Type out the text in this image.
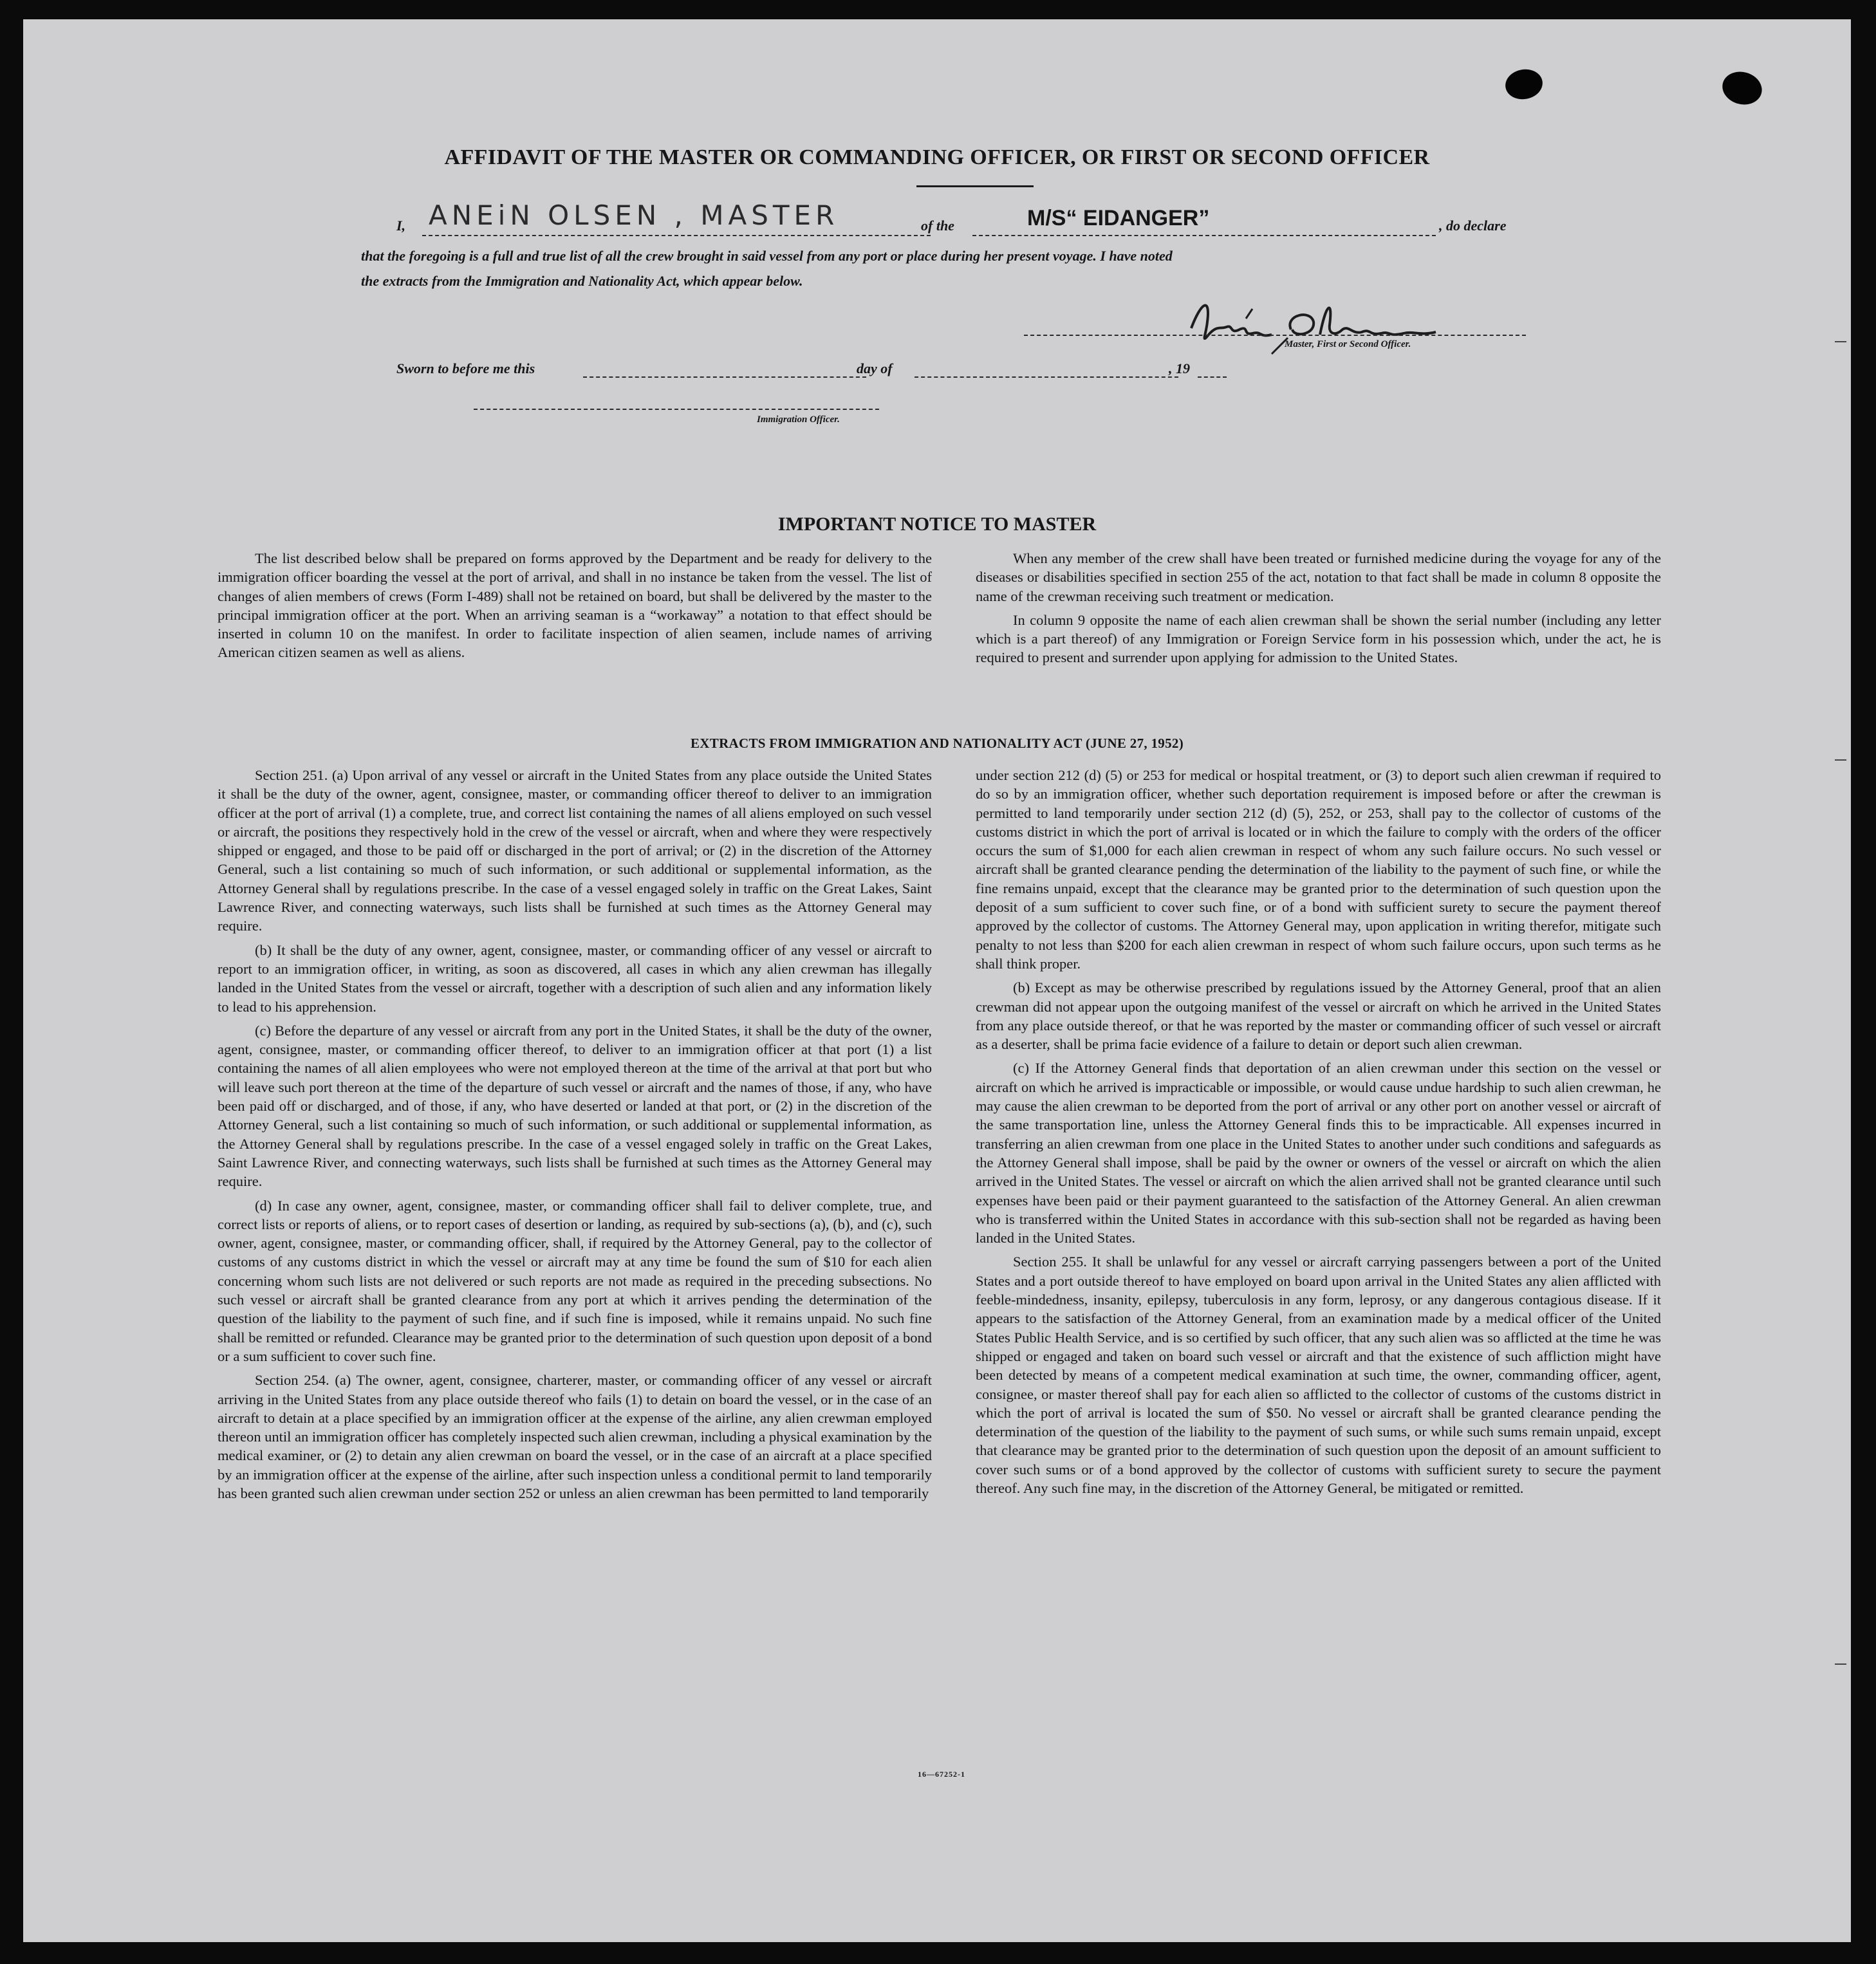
AFFIDAVIT OF THE MASTER OR COMMANDING OFFICER, OR FIRST OR SECOND OFFICER
I, ANEiN OLSEN , MASTER	of the	M/S“ EIDANGER”	, do declare
that the foregoing is a full and true list of all the crew brought in said vessel from any port or place during her present voyage. I have noted
the extracts from the Immigration and Nationality Act, which appear below.
Master, First or Second Officer.
Sworn to before me this	day of	, 19
Immigration Officer.
IMPORTANT NOTICE TO MASTER

The list described below shall be prepared on forms approved by the Department and be ready for delivery to the immigration officer boarding the vessel at the port of arrival, and shall in no instance be taken from the vessel. The list of changes of alien members of crews (Form I-489) shall not be retained on board, but shall be delivered by the master to the principal immigration officer at the port. When an arriving seaman is a “workaway” a notation to that effect should be inserted in column 10 on the manifest. In order to facilitate inspection of alien seamen, include names of arriving American citizen seamen as well as aliens.

When any member of the crew shall have been treated or furnished medicine during the voyage for any of the diseases or disabilities specified in section 255 of the act, notation to that fact shall be made in column 8 opposite the name of the crewman receiving such treatment or medication.

In column 9 opposite the name of each alien crewman shall be shown the serial number (including any letter which is a part thereof) of any Immigration or Foreign Service form in his possession which, under the act, he is required to present and surrender upon applying for admission to the United States.

EXTRACTS FROM IMMIGRATION AND NATIONALITY ACT (JUNE 27, 1952)

Section 251. (a) Upon arrival of any vessel or aircraft in the United States from any place outside the United States it shall be the duty of the owner, agent, consignee, master, or commanding officer thereof to deliver to an immigration officer at the port of arrival (1) a complete, true, and correct list containing the names of all aliens employed on such vessel or aircraft, the positions they respectively hold in the crew of the vessel or aircraft, when and where they were respectively shipped or engaged, and those to be paid off or discharged in the port of arrival; or (2) in the discretion of the Attorney General, such a list containing so much of such information, or such additional or supplemental information, as the Attorney General shall by regulations prescribe. In the case of a vessel engaged solely in traffic on the Great Lakes, Saint Lawrence River, and connecting waterways, such lists shall be furnished at such times as the Attorney General may require.

(b) It shall be the duty of any owner, agent, consignee, master, or commanding officer of any vessel or aircraft to report to an immigration officer, in writing, as soon as discovered, all cases in which any alien crewman has illegally landed in the United States from the vessel or aircraft, together with a description of such alien and any information likely to lead to his apprehension.

(c) Before the departure of any vessel or aircraft from any port in the United States, it shall be the duty of the owner, agent, consignee, master, or commanding officer thereof, to deliver to an immigration officer at that port (1) a list containing the names of all alien employees who were not employed thereon at the time of the arrival at that port but who will leave such port thereon at the time of the departure of such vessel or aircraft and the names of those, if any, who have been paid off or discharged, and of those, if any, who have deserted or landed at that port, or (2) in the discretion of the Attorney General, such a list containing so much of such information, or such additional or supplemental information, as the Attorney General shall by regulations prescribe. In the case of a vessel engaged solely in traffic on the Great Lakes, Saint Lawrence River, and connecting waterways, such lists shall be furnished at such times as the Attorney General may require.

(d) In case any owner, agent, consignee, master, or commanding officer shall fail to deliver complete, true, and correct lists or reports of aliens, or to report cases of desertion or landing, as required by sub-sections (a), (b), and (c), such owner, agent, consignee, master, or commanding officer, shall, if required by the Attorney General, pay to the collector of customs of any customs district in which the vessel or aircraft may at any time be found the sum of $10 for each alien concerning whom such lists are not delivered or such reports are not made as required in the preceding subsections. No such vessel or aircraft shall be granted clearance from any port at which it arrives pending the determination of the question of the liability to the payment of such fine, and if such fine is imposed, while it remains unpaid. No such fine shall be remitted or refunded. Clearance may be granted prior to the determination of such question upon deposit of a bond or a sum sufficient to cover such fine.

Section 254. (a) The owner, agent, consignee, charterer, master, or commanding officer of any vessel or aircraft arriving in the United States from any place outside thereof who fails (1) to detain on board the vessel, or in the case of an aircraft to detain at a place specified by an immigration officer at the expense of the airline, any alien crewman employed thereon until an immigration officer has completely inspected such alien crewman, including a physical examination by the medical examiner, or (2) to detain any alien crewman on board the vessel, or in the case of an aircraft at a place specified by an immigration officer at the expense of the airline, after such inspection unless a conditional permit to land temporarily has been granted such alien crewman under section 252 or unless an alien crewman has been permitted to land temporarily

under section 212 (d) (5) or 253 for medical or hospital treatment, or (3) to deport such alien crewman if required to do so by an immigration officer, whether such deportation requirement is imposed before or after the crewman is permitted to land temporarily under section 212 (d) (5), 252, or 253, shall pay to the collector of customs of the customs district in which the port of arrival is located or in which the failure to comply with the orders of the officer occurs the sum of $1,000 for each alien crewman in respect of whom any such failure occurs. No such vessel or aircraft shall be granted clearance pending the determination of the liability to the payment of such fine, or while the fine remains unpaid, except that the clearance may be granted prior to the determination of such question upon the deposit of a sum sufficient to cover such fine, or of a bond with sufficient surety to secure the payment thereof approved by the collector of customs. The Attorney General may, upon application in writing therefor, mitigate such penalty to not less than $200 for each alien crewman in respect of whom such failure occurs, upon such terms as he shall think proper.

(b) Except as may be otherwise prescribed by regulations issued by the Attorney General, proof that an alien crewman did not appear upon the outgoing manifest of the vessel or aircraft on which he arrived in the United States from any place outside thereof, or that he was reported by the master or commanding officer of such vessel or aircraft as a deserter, shall be prima facie evidence of a failure to detain or deport such alien crewman.

(c) If the Attorney General finds that deportation of an alien crewman under this section on the vessel or aircraft on which he arrived is impracticable or impossible, or would cause undue hardship to such alien crewman, he may cause the alien crewman to be deported from the port of arrival or any other port on another vessel or aircraft of the same transportation line, unless the Attorney General finds this to be impracticable. All expenses incurred in transferring an alien crewman from one place in the United States to another under such conditions and safeguards as the Attorney General shall impose, shall be paid by the owner or owners of the vessel or aircraft on which the alien arrived in the United States. The vessel or aircraft on which the alien arrived shall not be granted clearance until such expenses have been paid or their payment guaranteed to the satisfaction of the Attorney General. An alien crewman who is transferred within the United States in accordance with this sub-section shall not be regarded as having been landed in the United States.

Section 255. It shall be unlawful for any vessel or aircraft carrying passengers between a port of the United States and a port outside thereof to have employed on board upon arrival in the United States any alien afflicted with feeble-mindedness, insanity, epilepsy, tuberculosis in any form, leprosy, or any dangerous contagious disease. If it appears to the satisfaction of the Attorney General, from an examination made by a medical officer of the United States Public Health Service, and is so certified by such officer, that any such alien was so afflicted at the time he was shipped or engaged and taken on board such vessel or aircraft and that the existence of such affliction might have been detected by means of a competent medical examination at such time, the owner, commanding officer, agent, consignee, or master thereof shall pay for each alien so afflicted to the collector of customs of the customs district in which the port of arrival is located the sum of $50. No vessel or aircraft shall be granted clearance pending the determination of the question of the liability to the payment of such sums, or while such sums remain unpaid, except that clearance may be granted prior to the determination of such question upon the deposit of an amount sufficient to cover such sums or of a bond approved by the collector of customs with sufficient surety to secure the payment thereof. Any such fine may, in the discretion of the Attorney General, be mitigated or remitted.

16—67252-1
